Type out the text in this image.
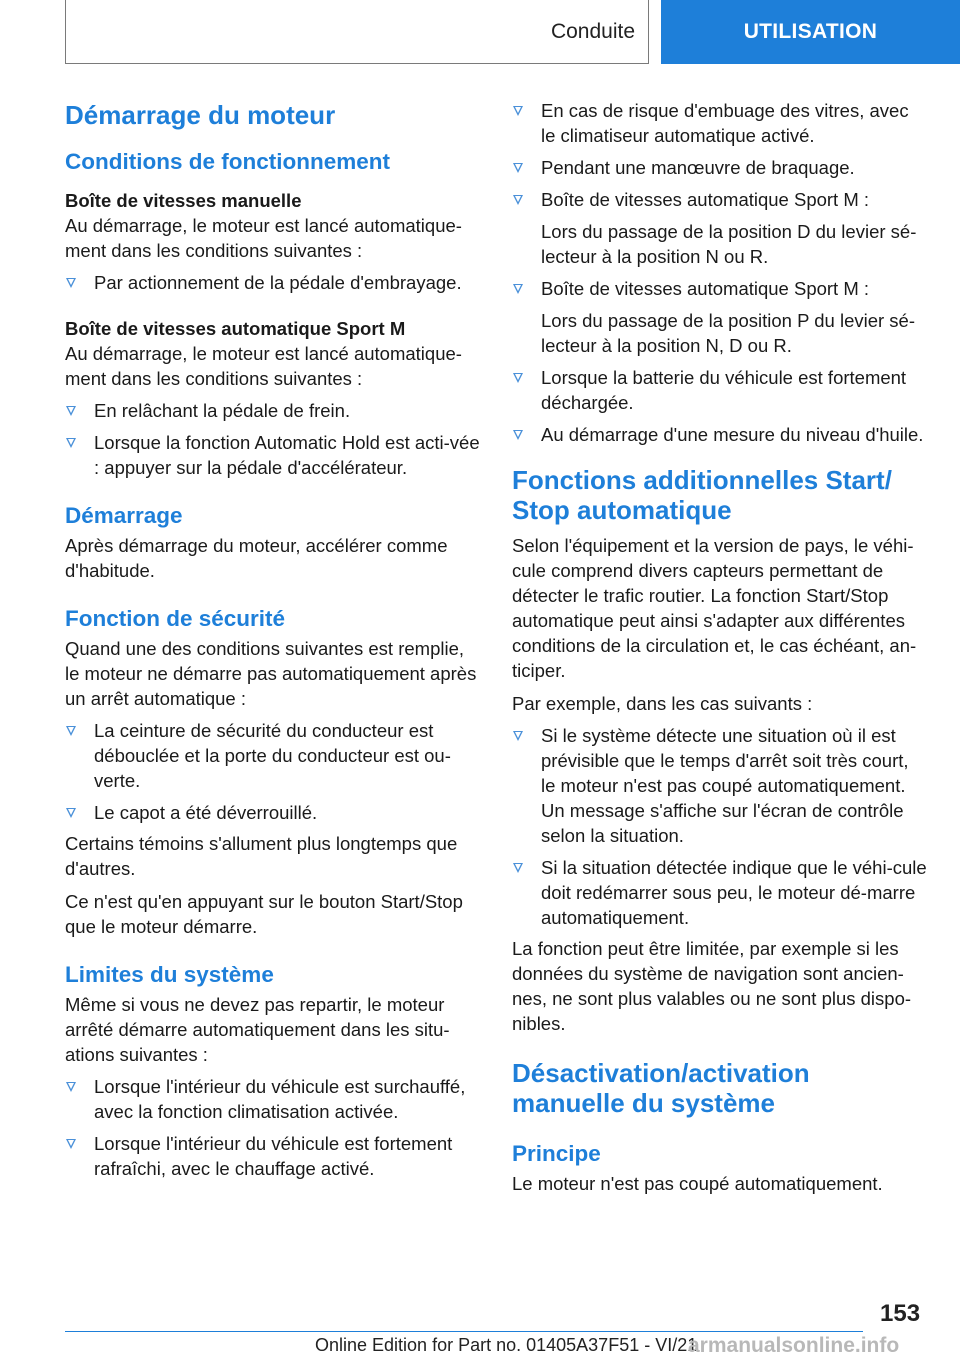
Conduite	UTILISATION
Démarrage du moteur
Conditions de fonctionnement
Boîte de vitesses manuelle

Au démarrage, le moteur est lancé automatique-ment dans les conditions suivantes :

Par actionnement de la pédale d'embrayage.
Boîte de vitesses automatique Sport M

Au démarrage, le moteur est lancé automatique-ment dans les conditions suivantes :

En relâchant la pédale de frein.
Lorsque la fonction Automatic Hold est acti-vée : appuyer sur la pédale d'accélérateur.
Démarrage

Après démarrage du moteur, accélérer comme d'habitude.

Fonction de sécurité

Quand une des conditions suivantes est remplie, le moteur ne démarre pas automatiquement après un arrêt automatique :

La ceinture de sécurité du conducteur est débouclée et la porte du conducteur est ou-verte.
Le capot a été déverrouillé.

Certains témoins s'allument plus longtemps que d'autres.

Ce n'est qu'en appuyant sur le bouton Start/Stop que le moteur démarre.

Limites du système

Même si vous ne devez pas repartir, le moteur arrêté démarre automatiquement dans les situ-ations suivantes :

Lorsque l'intérieur du véhicule est surchauffé, avec la fonction climatisation activée.
Lorsque l'intérieur du véhicule est fortement rafraîchi, avec le chauffage activé.
En cas de risque d'embuage des vitres, avec le climatiseur automatique activé.
Pendant une manœuvre de braquage.
Boîte de vitesses automatique Sport M :
Lors du passage de la position D du levier sé-lecteur à la position N ou R.
Boîte de vitesses automatique Sport M :
Lors du passage de la position P du levier sé-lecteur à la position N, D ou R.
Lorsque la batterie du véhicule est fortement déchargée.
Au démarrage d'une mesure du niveau d'huile.
Fonctions additionnelles Start/ Stop automatique

Selon l'équipement et la version de pays, le véhi-cule comprend divers capteurs permettant de détecter le trafic routier. La fonction Start/Stop automatique peut ainsi s'adapter aux différentes conditions de la circulation et, le cas échéant, an-ticiper.

Par exemple, dans les cas suivants :

Si le système détecte une situation où il est prévisible que le temps d'arrêt soit très court, le moteur n'est pas coupé automatiquement. Un message s'affiche sur l'écran de contrôle selon la situation.
Si la situation détectée indique que le véhi-cule doit redémarrer sous peu, le moteur dé-marre automatiquement.

La fonction peut être limitée, par exemple si les données du système de navigation sont ancien-nes, ne sont plus valables ou ne sont plus dispo-nibles.

Désactivation/activation manuelle du système
Principe

Le moteur n'est pas coupé automatiquement.

153
Online Edition for Part no. 01405A37F51 - VI/21
armanualsonline.info
